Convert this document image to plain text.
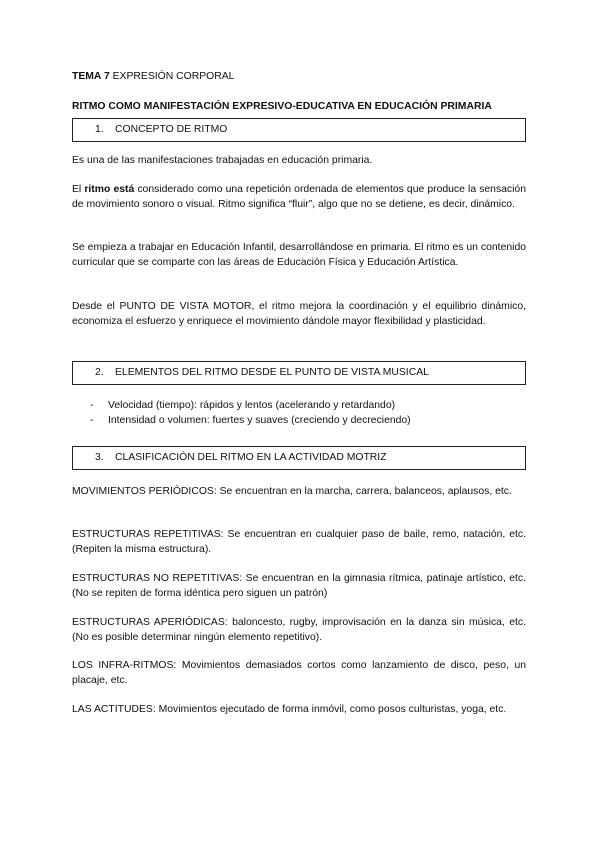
TEMA 7 EXPRESIÓN CORPORAL
RITMO COMO MANIFESTACIÓN EXPRESIVO-EDUCATIVA EN EDUCACIÓN PRIMARIA
1. CONCEPTO DE RITMO

Es una de las manifestaciones trabajadas en educación primaria.

El ritmo está considerado como una repetición ordenada de elementos que produce la sensación de movimiento sonoro o visual. Ritmo significa “fluir”, algo que no se detiene, es decir, dinámico.

Se empieza a trabajar en Educación Infantil, desarrollándose en primaria. El ritmo es un contenido curricular que se comparte con las áreas de Educación Física y Educación Artística.

Desde el PUNTO DE VISTA MOTOR, el ritmo mejora la coordinación y el equilibrio dinámico, economiza el esfuerzo y enriquece el movimiento dándole mayor flexibilidad y plasticidad.

2. ELEMENTOS DEL RITMO DESDE EL PUNTO DE VISTA MUSICAL
- Velocidad (tiempo): rápidos y lentos (acelerando y retardando)
- Intensidad o volumen: fuertes y suaves (creciendo y decreciendo)
3. CLASIFICACIÓN DEL RITMO EN LA ACTIVIDAD MOTRIZ

MOVIMIENTOS PERIÓDICOS: Se encuentran en la marcha, carrera, balanceos, aplausos, etc.

ESTRUCTURAS REPETITIVAS: Se encuentran en cualquier paso de baile, remo, natación, etc. (Repiten la misma estructura).

ESTRUCTURAS NO REPETITIVAS: Se encuentran en la gimnasia rítmica, patinaje artístico, etc. (No se repiten de forma idéntica pero siguen un patrón)

ESTRUCTURAS APERIÓDICAS: baloncesto, rugby, improvisación en la danza sin música, etc. (No es posible determinar ningún elemento repetitivo).

LOS INFRA-RITMOS: Movimientos demasiados cortos como lanzamiento de disco, peso, un placaje, etc.

LAS ACTITUDES: Movimientos ejecutado de forma inmóvil, como posos culturistas, yoga, etc.
